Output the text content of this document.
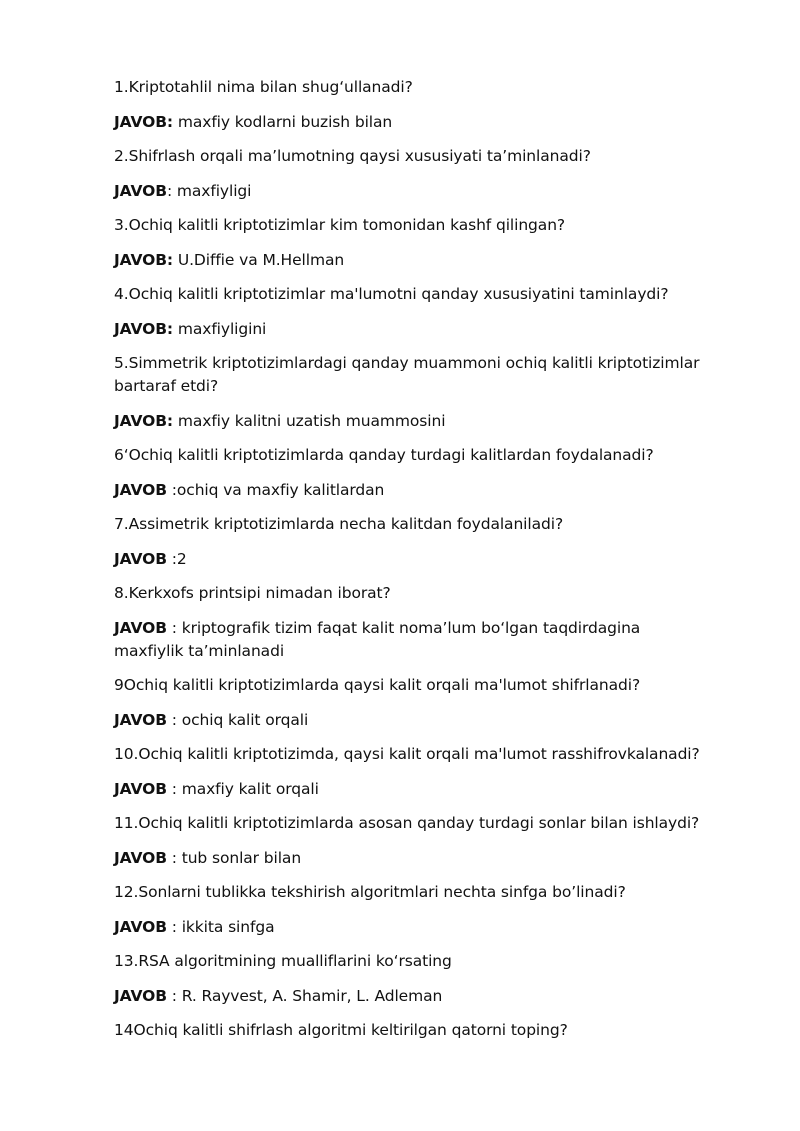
1.Kriptotahlil nima bilan shug‘ullanadi?

JAVOB: maxfiy kodlarni buzish bilan

2.Shifrlash orqali ma’lumotning qaysi xususiyati ta’minlanadi?

JAVOB: maxfiyligi

3.Ochiq kalitli kriptotizimlar kim tomonidan kashf qilingan?

JAVOB: U.Diffie va M.Hellman

4.Ochiq kalitli kriptotizimlar ma'lumotni qanday xususiyatini taminlaydi?

JAVOB: maxfiyligini

5.Simmetrik kriptotizimlardagi qanday muammoni ochiq kalitli kriptotizimlar bartaraf etdi?

JAVOB: maxfiy kalitni uzatish muammosini

6‘Ochiq kalitli kriptotizimlarda qanday turdagi kalitlardan foydalanadi?

JAVOB :ochiq va maxfiy kalitlardan

7.Assimetrik kriptotizimlarda necha kalitdan foydalaniladi?

JAVOB :2

8.Kerkxofs printsipi nimadan iborat?

JAVOB : kriptografik tizim faqat kalit noma’lum bo‘lgan taqdirdagina maxfiylik ta’minlanadi

9Ochiq kalitli kriptotizimlarda qaysi kalit orqali ma'lumot shifrlanadi?

JAVOB : ochiq kalit orqali

10.Ochiq kalitli kriptotizimda, qaysi kalit orqali ma'lumot rasshifrovkalanadi?

JAVOB : maxfiy kalit orqali

11.Ochiq kalitli kriptotizimlarda asosan qanday turdagi sonlar bilan ishlaydi?

JAVOB : tub sonlar bilan

12.Sonlarni tublikka tekshirish algoritmlari nechta sinfga bo’linadi?

JAVOB : ikkita sinfga

13.RSA algoritmining mualliflarini ko‘rsating

JAVOB : R. Rayvest, A. Shamir, L. Adleman

14Ochiq kalitli shifrlash algoritmi keltirilgan qatorni toping?
